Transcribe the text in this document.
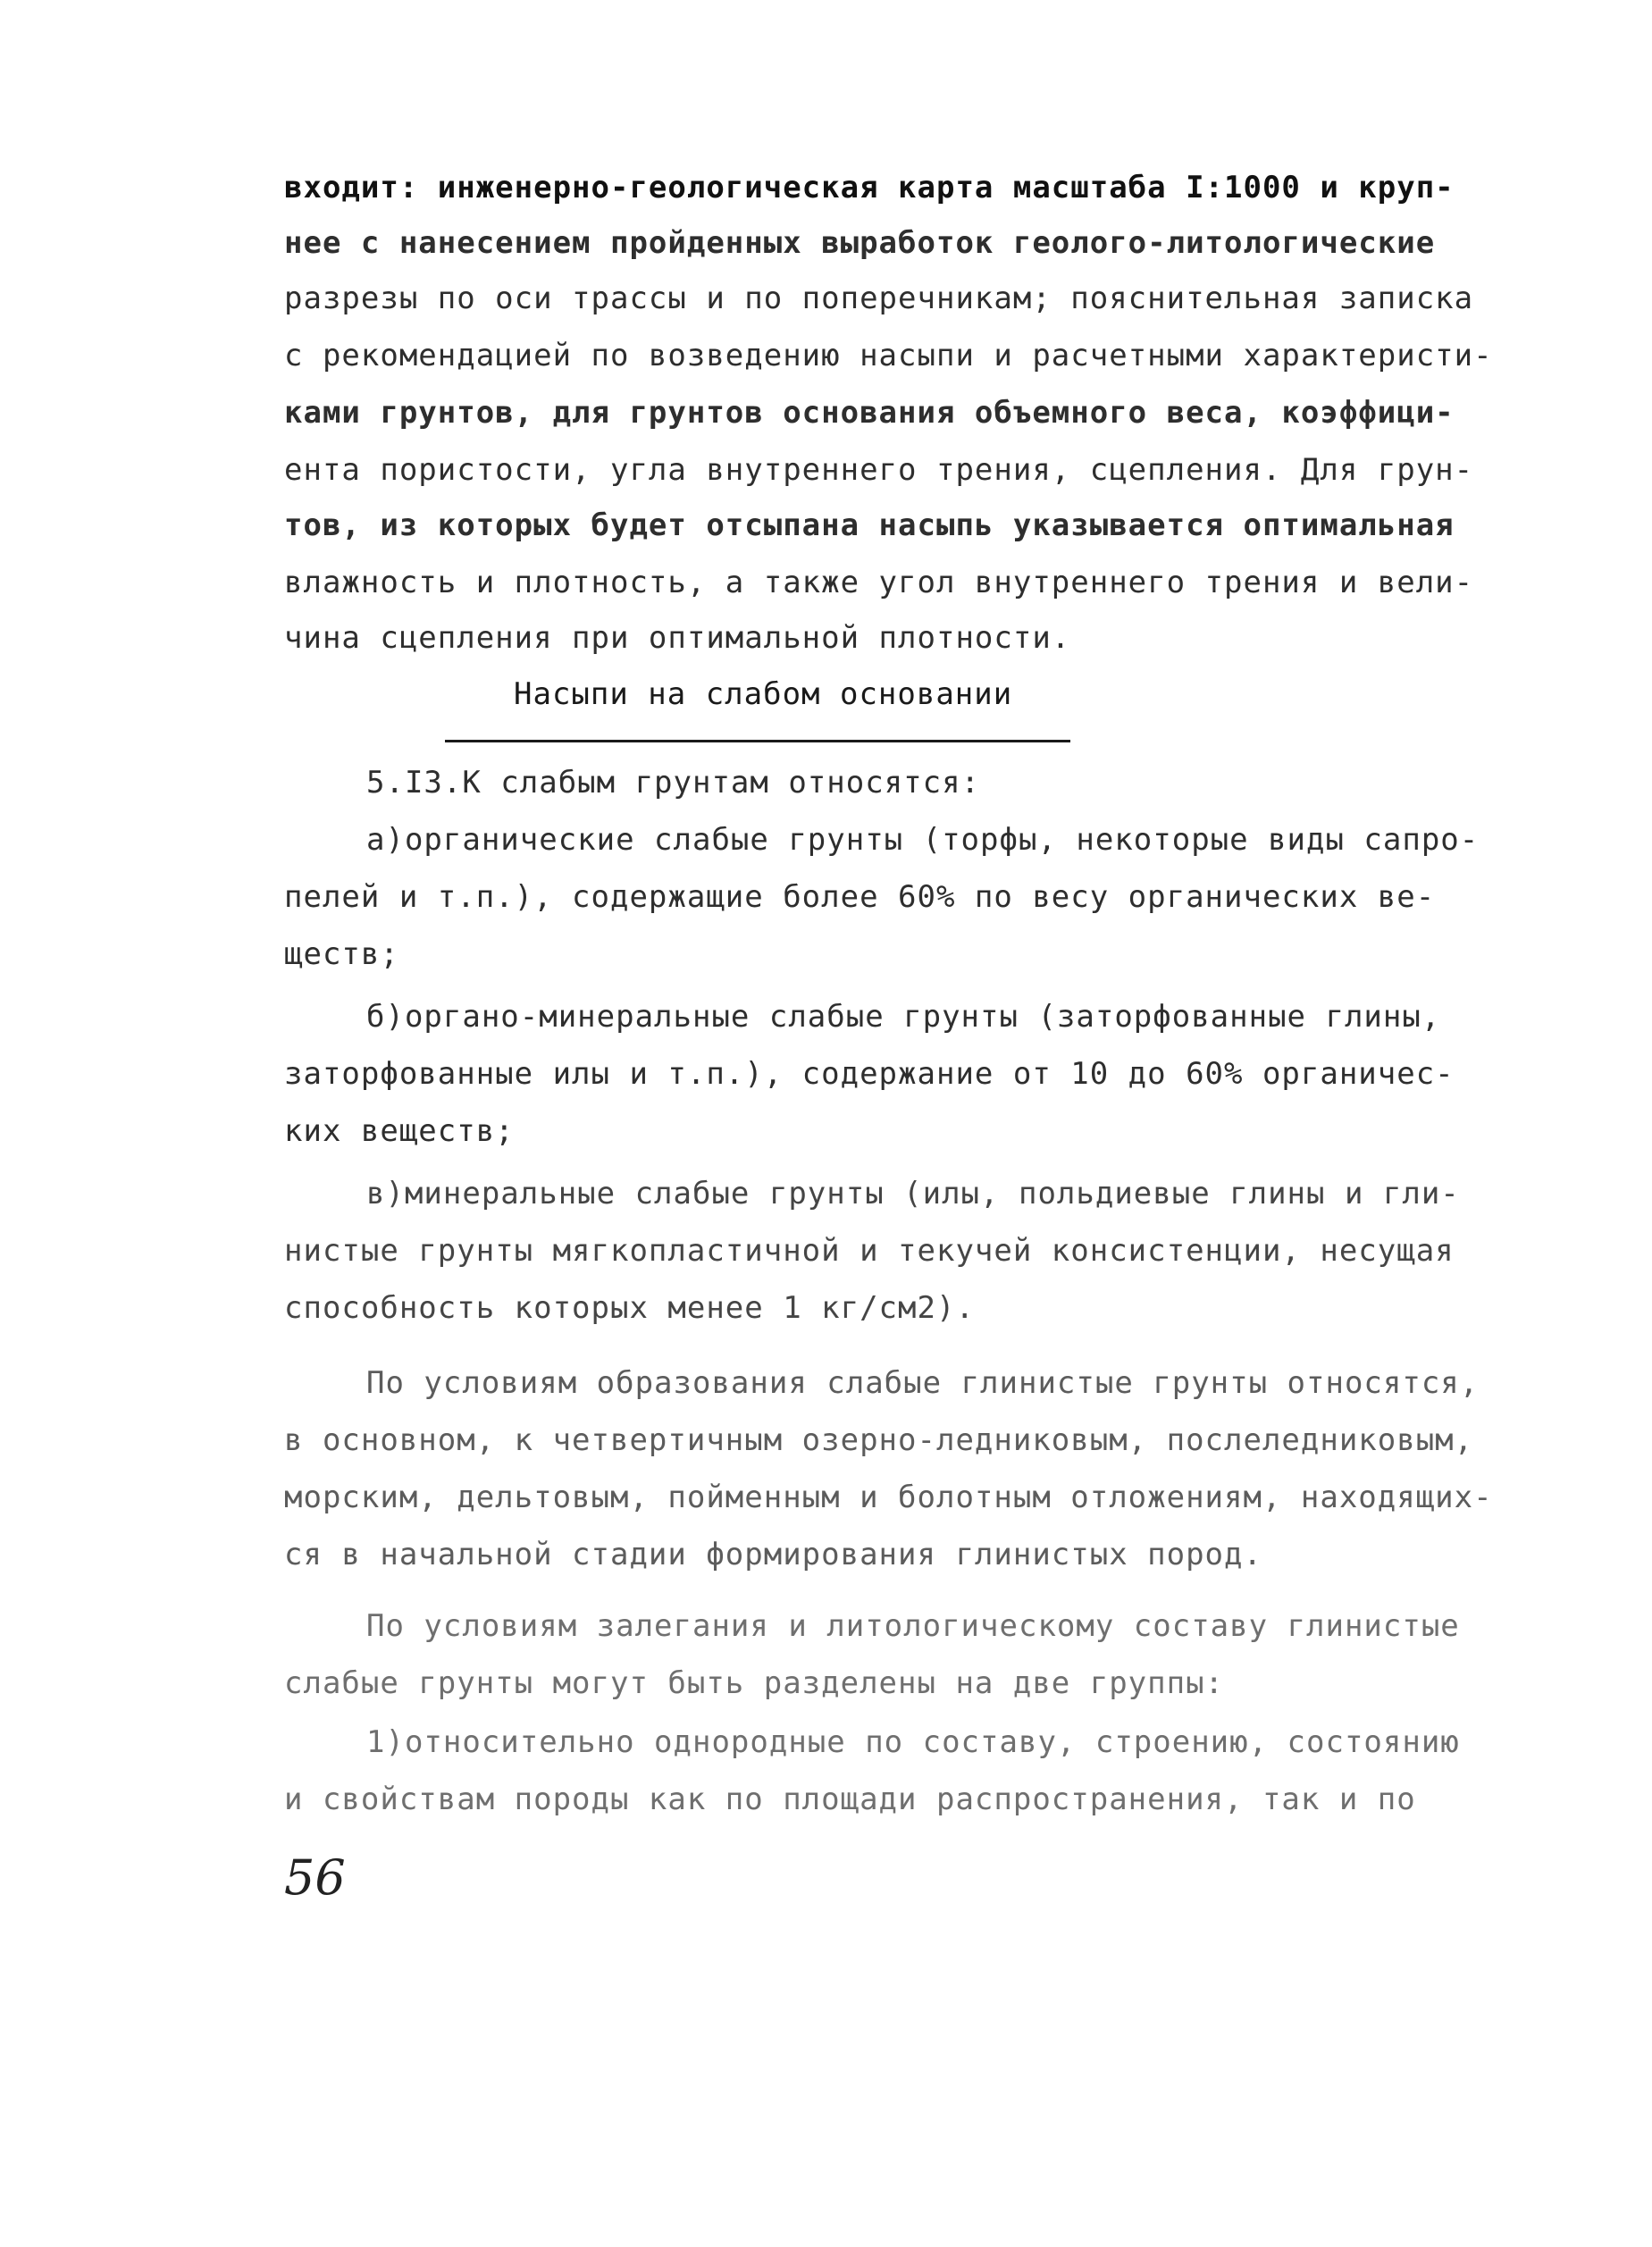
входит: инженерно-геологическая карта масштаба I:1000 и круп-
нее с нанесением пройденных выработок геолого-литологические
разрезы по оси трассы и по поперечникам; пояснительная записка
с рекомендацией по возведению насыпи и расчетными характеристи-
ками грунтов, для грунтов основания объемного веса, коэффици-
ента пористости, угла внутреннего трения, сцепления. Для грун-
тов, из которых будет отсыпана насыпь указывается оптимальная
влажность и плотность, а также угол внутреннего трения и вели-
чина сцепления при оптимальной плотности.
Насыпи на слабом основании
5.I3.К слабым грунтам относятся:
а)органические слабые грунты (торфы, некоторые виды сапро-
пелей и т.п.), содержащие более 60% по весу органических ве-
ществ;
б)органо-минеральные слабые грунты (заторфованные глины,
заторфованные илы и т.п.), содержание от 10 до 60% органичес-
ких веществ;
в)минеральные слабые грунты (илы, польдиевые глины и гли-
нистые грунты мягкопластичной и текучей консистенции, несущая
способность которых менее 1 кг/см2).
По условиям образования слабые глинистые грунты относятся,
в основном, к четвертичным озерно-ледниковым, послеледниковым,
морским, дельтовым, пойменным и болотным отложениям, находящих-
ся в начальной стадии формирования глинистых пород.
По условиям залегания и литологическому составу глинистые
слабые грунты могут быть разделены на две группы:
1)относительно однородные по составу, строению, состоянию
и свойствам породы как по площади распространения, так и по
56
